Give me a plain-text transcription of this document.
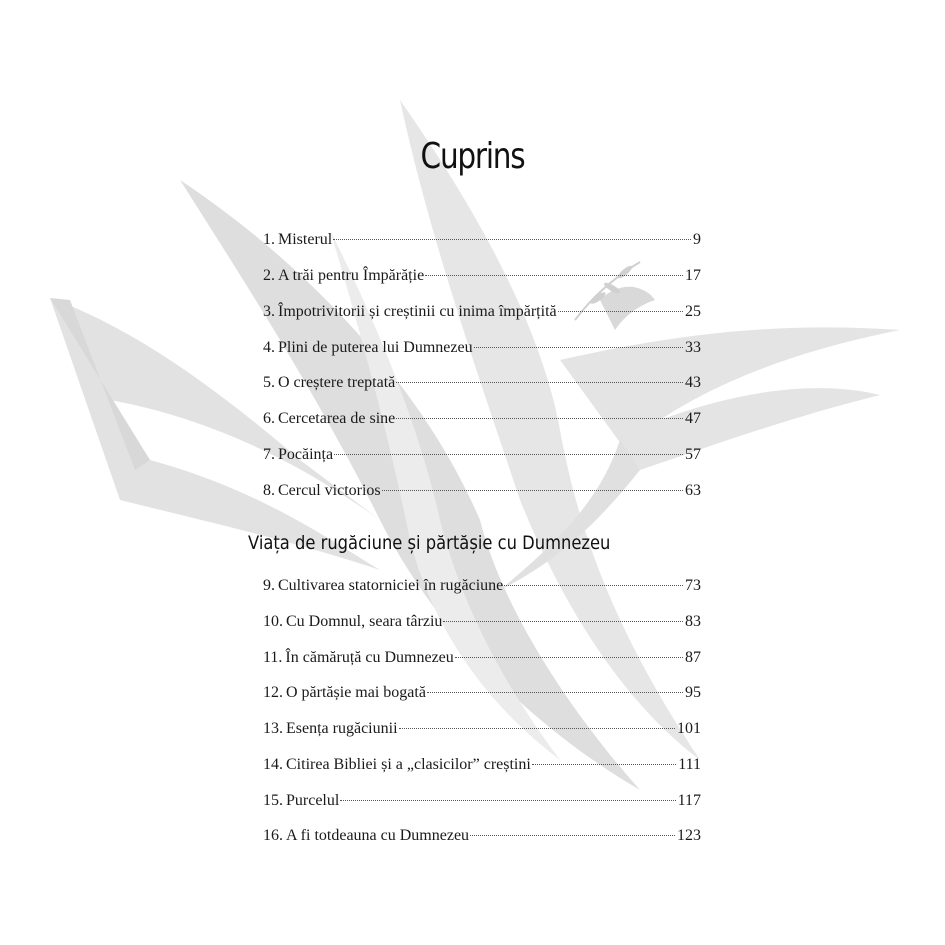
Cuprins
1. Misterul	9
2. A trăi pentru Împărăție	17
3. Împotrivitorii și creștinii cu inima împărțită	25
4. Plini de puterea lui Dumnezeu	33
5. O creștere treptată	43
6. Cercetarea de sine	47
7. Pocăința	57
8. Cercul victorios	63
Viața de rugăciune și părtășie cu Dumnezeu
9. Cultivarea statorniciei în rugăciune	73
10. Cu Domnul, seara târziu	83
11. În cămăruță cu Dumnezeu	87
12. O părtășie mai bogată	95
13. Esența rugăciunii	101
14. Citirea Bibliei și a „clasicilor” creștini	111
15. Purcelul	117
16. A fi totdeauna cu Dumnezeu	123
